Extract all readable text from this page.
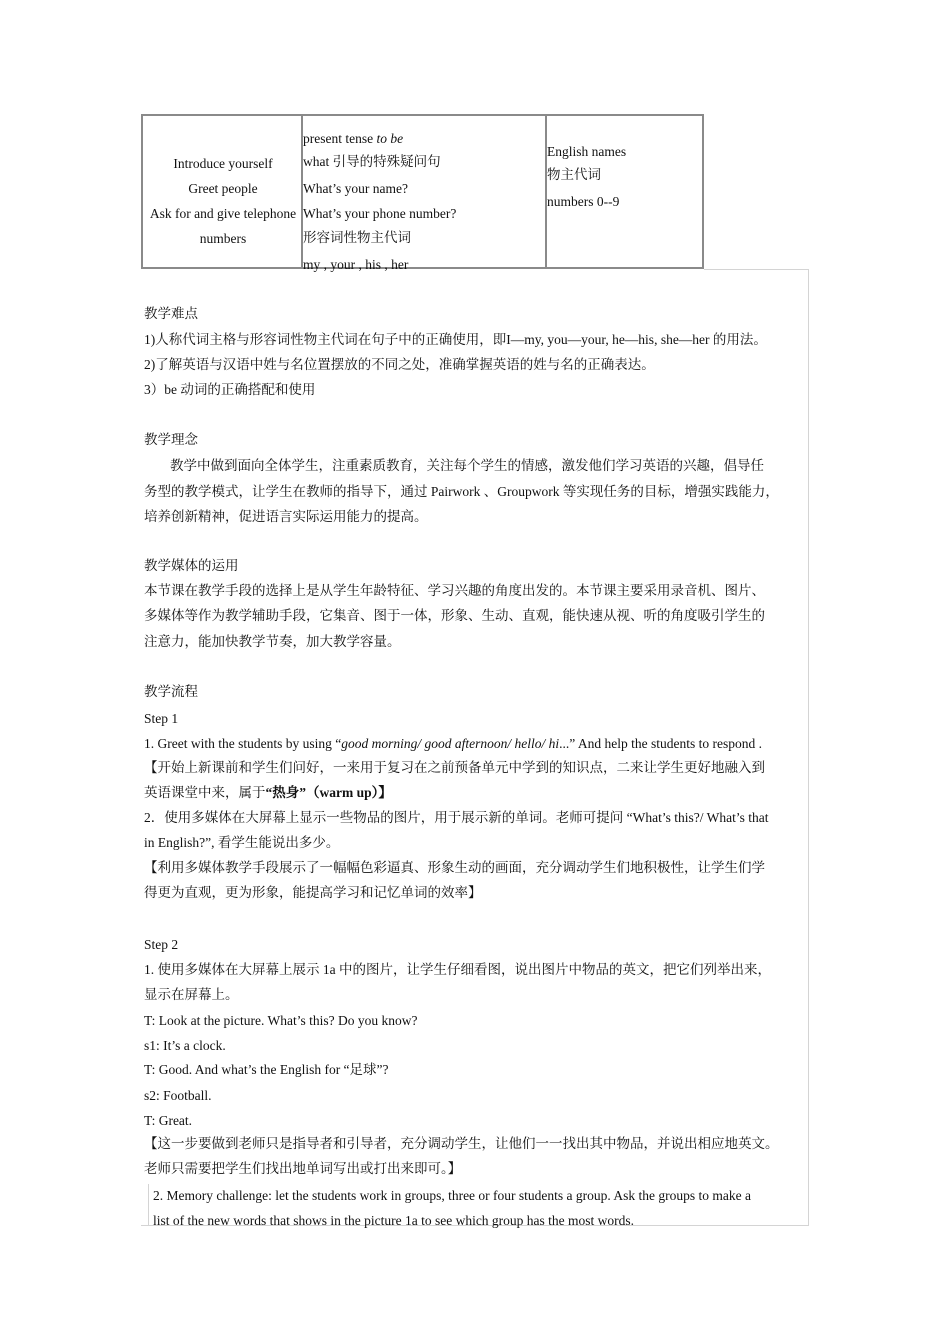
Introduce yourself
Greet people
Ask for and give telephone
numbers
present tense to be
what 引导的特殊疑问句
What’s your name?
What’s your phone number?
形容词性物主代词
my , your , his , her
English names
物主代词
numbers 0--9
教学难点
1)人称代词主格与形容词性物主代词在句子中的正确使用，即I—my, you—your, he—his, she—her 的用法。
2)了解英语与汉语中姓与名位置摆放的不同之处，准确掌握英语的姓与名的正确表达。
3）be 动词的正确搭配和使用
教学理念
教学中做到面向全体学生，注重素质教育，关注每个学生的情感，激发他们学习英语的兴趣，倡导任
务型的教学模式，让学生在教师的指导下，通过 Pairwork 、Groupwork 等实现任务的目标，增强实践能力，
培养创新精神，促进语言实际运用能力的提高。
教学媒体的运用
本节课在教学手段的选择上是从学生年龄特征、学习兴趣的角度出发的。本节课主要采用录音机、图片、
多媒体等作为教学辅助手段，它集音、图于一体，形象、生动、直观，能快速从视、听的角度吸引学生的
注意力，能加快教学节奏，加大教学容量。
教学流程
Step 1
1. Greet with the students by using “good morning/ good afternoon/ hello/ hi...” And help the students to respond .
【开始上新课前和学生们问好，一来用于复习在之前预备单元中学到的知识点，二来让学生更好地融入到
英语课堂中来，属于“热身”（warm up）】
2．使用多媒体在大屏幕上显示一些物品的图片，用于展示新的单词。老师可提问 “What’s this?/ What’s that
in English?”, 看学生能说出多少。
【利用多媒体教学手段展示了一幅幅色彩逼真、形象生动的画面，充分调动学生们地积极性，让学生们学
得更为直观，更为形象，能提高学习和记忆单词的效率】
Step 2
1. 使用多媒体在大屏幕上展示 1a 中的图片，让学生仔细看图，说出图片中物品的英文，把它们列举出来，
显示在屏幕上。
T: Look at the picture. What’s this? Do you know?
s1: It’s a clock.
T: Good. And what’s the English for “足球”?
s2: Football.
T: Great.
【这一步要做到老师只是指导者和引导者，充分调动学生，让他们一一找出其中物品，并说出相应地英文。
老师只需要把学生们找出地单词写出或打出来即可。】
2. Memory challenge: let the students work in groups, three or four students a group. Ask the groups to make a
list of the new words that shows in the picture 1a to see which group has the most words.
